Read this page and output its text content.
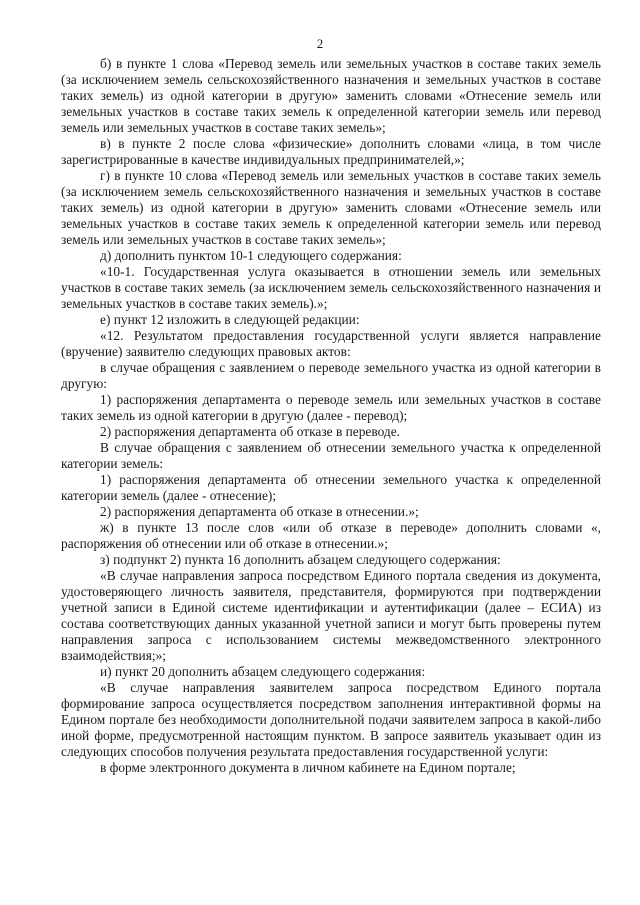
2

б) в пункте 1 слова «Перевод земель или земельных участков в составе таких земель (за исключением земель сельскохозяйственного назначения и земельных участков в составе таких земель) из одной категории в другую» заменить словами «Отнесение земель или земельных участков в составе таких земель к определенной категории земель или перевод земель или земельных участков в составе таких земель»;

в) в пункте 2 после слова «физические» дополнить словами «лица, в том числе зарегистрированные в качестве индивидуальных предпринимателей,»;

г) в пункте 10 слова «Перевод земель или земельных участков в составе таких земель (за исключением земель сельскохозяйственного назначения и земельных участков в составе таких земель) из одной категории в другую» заменить словами «Отнесение земель или земельных участков в составе таких земель к определенной категории земель или перевод земель или земельных участков в составе таких земель»;

д) дополнить пунктом 10-1 следующего содержания:

«10-1. Государственная услуга оказывается в отношении земель или земельных участков в составе таких земель (за исключением земель сельскохозяйственного назначения и земельных участков в составе таких земель).»;

е) пункт 12 изложить в следующей редакции:

«12. Результатом предоставления государственной услуги является направление (вручение) заявителю следующих правовых актов:

в случае обращения с заявлением о переводе земельного участка из одной категории в другую:

1) распоряжения департамента о переводе земель или земельных участков в составе таких земель из одной категории в другую (далее - перевод);

2) распоряжения департамента об отказе в переводе.

В случае обращения с заявлением об отнесении земельного участка к определенной категории земель:

1) распоряжения департамента об отнесении земельного участка к определенной категории земель (далее - отнесение);

2) распоряжения департамента об отказе в отнесении.»;

ж) в пункте 13 после слов «или об отказе в переводе» дополнить словами «, распоряжения об отнесении или об отказе в отнесении.»;

з) подпункт 2) пункта 16 дополнить абзацем следующего содержания:

«В случае направления запроса посредством Единого портала сведения из документа, удостоверяющего личность заявителя, представителя, формируются при подтверждении учетной записи в Единой системе идентификации и аутентификации (далее – ЕСИА) из состава соответствующих данных указанной учетной записи и могут быть проверены путем направления запроса с использованием системы межведомственного электронного взаимодействия;»;

и) пункт 20 дополнить абзацем следующего содержания:

«В случае направления заявителем запроса посредством Единого портала формирование запроса осуществляется посредством заполнения интерактивной формы на Едином портале без необходимости дополнительной подачи заявителем запроса в какой-либо иной форме, предусмотренной настоящим пунктом. В запросе заявитель указывает один из следующих способов получения результата предоставления государственной услуги:

в форме электронного документа в личном кабинете на Едином портале;
